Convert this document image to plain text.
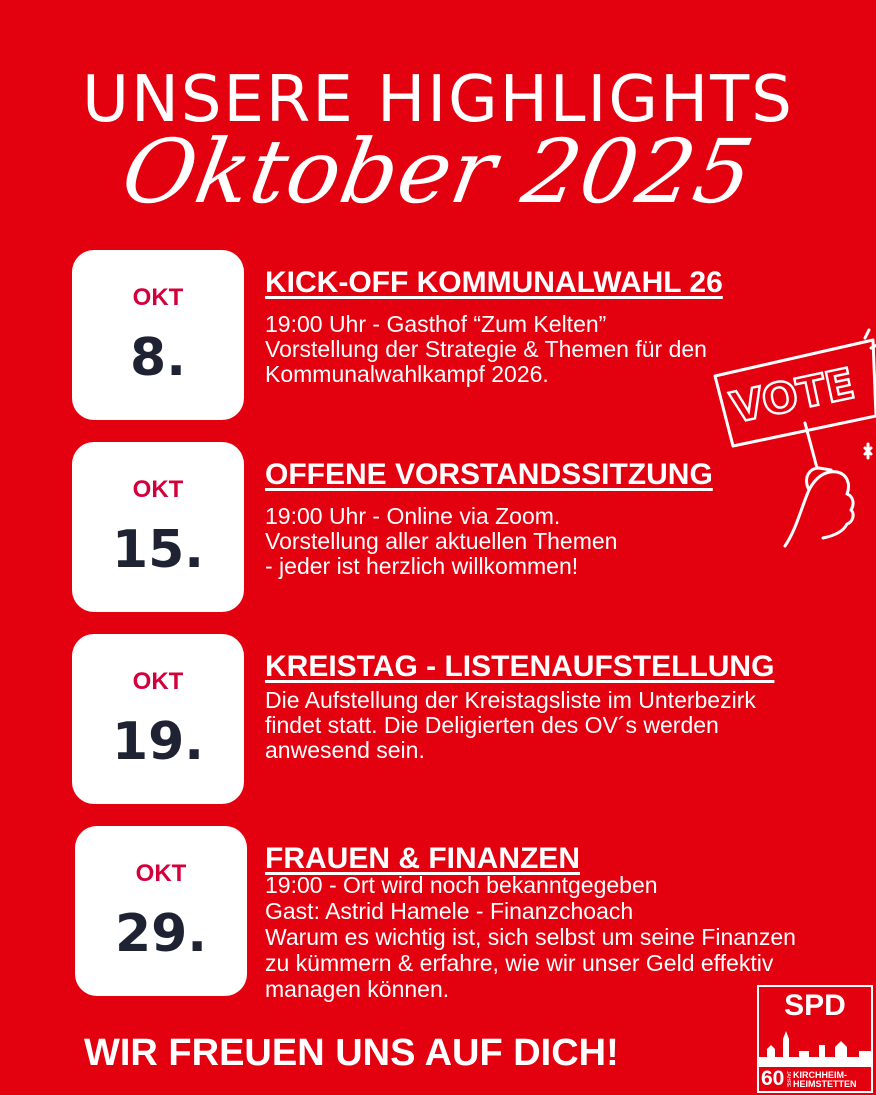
UNSERE HIGHLIGHTS
Oktober 2025
OKT
8.
KICK-OFF KOMMUNALWAHL 26
19:00 Uhr - Gasthof “Zum Kelten”
Vorstellung der Strategie & Themen für den
Kommunalwahlkampf 2026.
OKT
15.
OFFENE VORSTANDSSITZUNG
19:00 Uhr - Online via Zoom.
Vorstellung aller aktuellen Themen
- jeder ist herzlich willkommen!
OKT
19.
KREISTAG - LISTENAUFSTELLUNG
Die Aufstellung der Kreistagsliste im Unterbezirk
findet statt. Die Deligierten des OV´s werden
anwesend sein.
OKT
29.
FRAUEN & FINANZEN
19:00 - Ort wird noch bekanntgegeben
Gast: Astrid Hamele - Finanzchoach
Warum es wichtig ist, sich selbst um seine Finanzen
zu kümmern & erfahre, wie wir unser Geld effektiv
managen können.
VOTE
WIR FREUEN UNS AUF DICH!
SPD
60 JAHRE KIRCHHEIM-
HEIMSTETTEN
